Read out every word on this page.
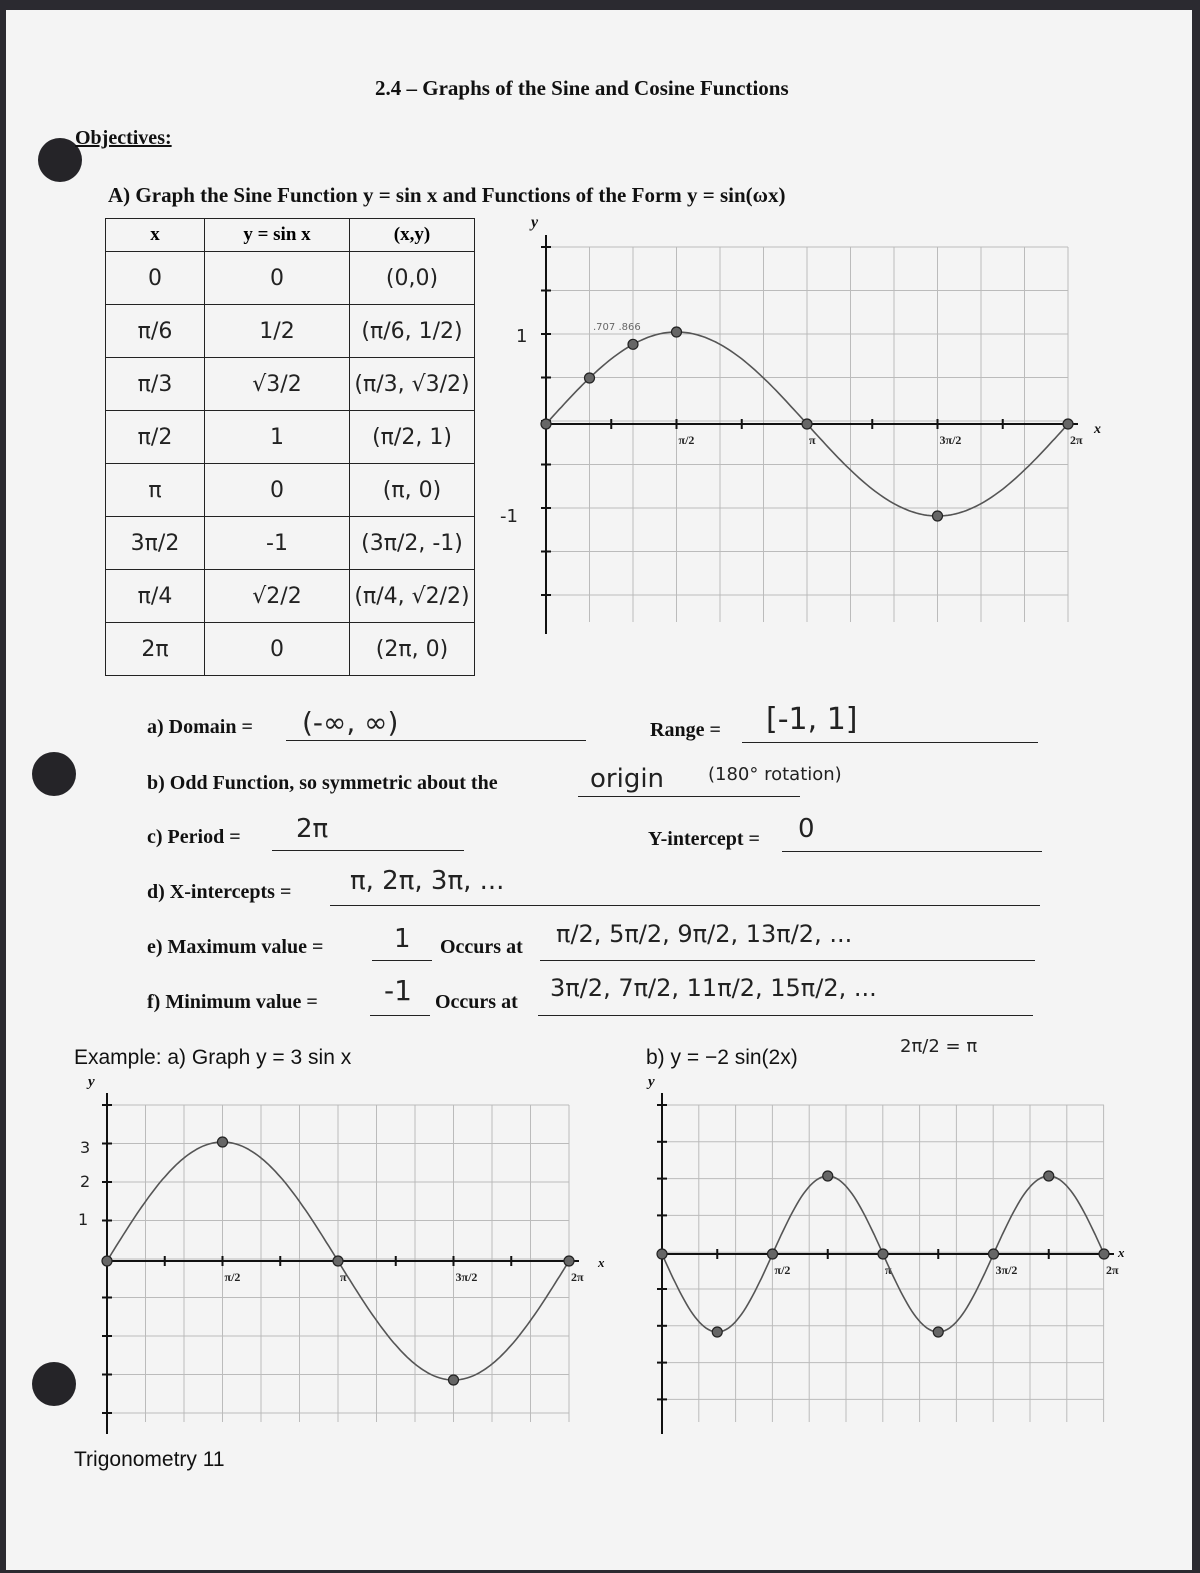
2.4 – Graphs of the Sine and Cosine Functions
Objectives:
A) Graph the Sine Function y = sin x and Functions of the Form y = sin(ωx)
x	y = sin x	(x,y)
0	0	(0,0)
π/6	1/2	(π/6, 1/2)
π/3	√3/2	(π/3, √3/2)
π/2	1	(π/2, 1)
π	0	(π, 0)
3π/2	-1	(3π/2, -1)
π/4	√2/2	(π/4, √2/2)
2π	0	(2π, 0)
π/2	π	3π/2	2π
y
x
1
-1
.707 .866
a) Domain = (-∞, ∞)	Range = [-1, 1]
b) Odd Function, so symmetric about the	origin (180° rotation)
c) Period = 2π	Y-intercept = 0
d) X-intercepts = π, 2π, 3π, ...
e) Maximum value =	1 Occurs at π/2, 5π/2, 9π/2, 13π/2, ...
f) Minimum value = -1 Occurs at 3π/2, 7π/2, 11π/2, 15π/2, ...
Example: a) Graph y = 3 sin x	b) y = −2 sin(2x)	2π/2 = π
π/2	π	3π/2	2π
y
x
3
2
1
π/2	π	3π/2	2π
y
x
Trigonometry 11
